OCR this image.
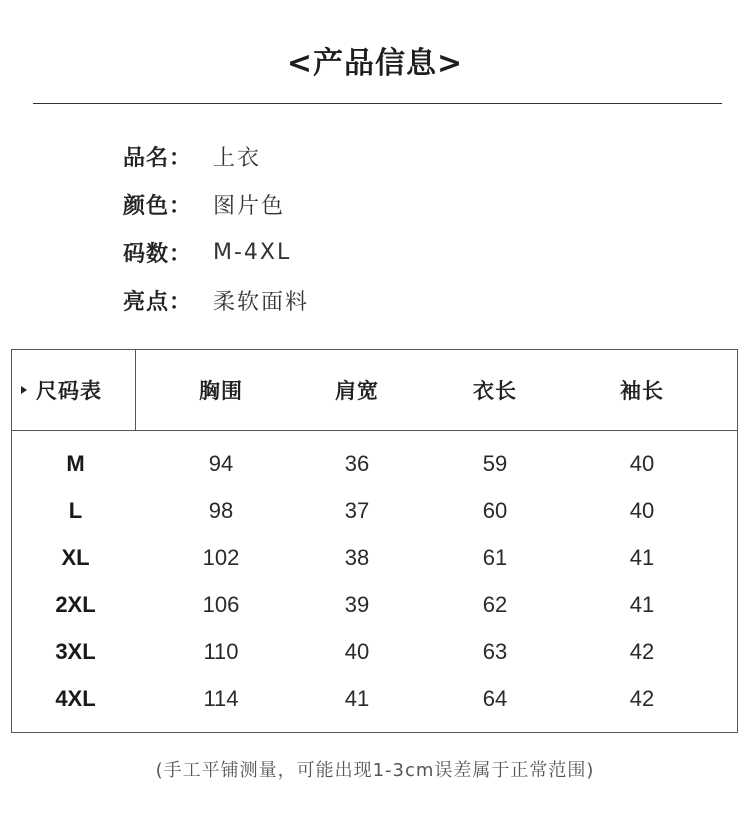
<产品信息>
品名： 上衣
颜色： 图片色
码数： M-4XL
亮点： 柔软面料
尺码表	胸围	肩宽	衣长	袖长
M	94	36	59	40
L	98	37	60	40
XL	102	38	61	41
2XL	106	39	62	41
3XL	110	40	63	42
4XL	114	41	64	42
(手工平铺测量，可能出现1-3cm误差属于正常范围)
